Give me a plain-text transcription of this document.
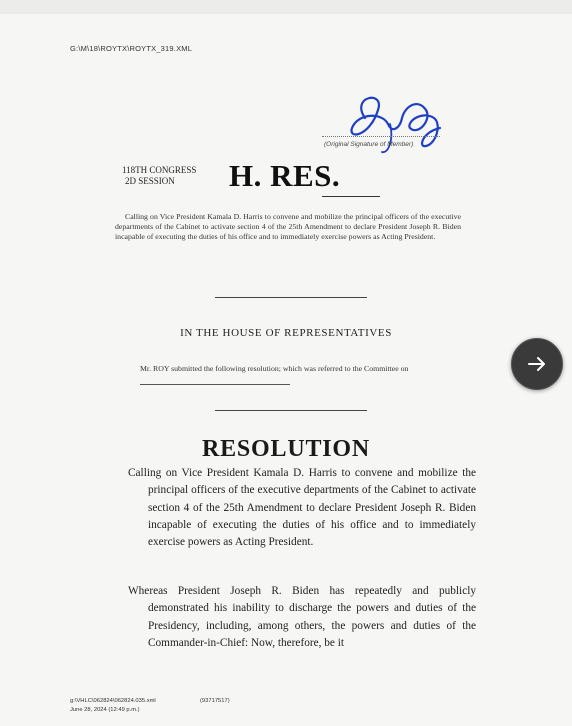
G:\M\18\ROYTX\ROYTX_319.XML
(Original Signature of Member)
118TH CONGRESS
2D SESSION	H. RES.
Calling on Vice President Kamala D. Harris to convene and mobilize the principal officers of the executive departments of the Cabinet to activate section 4 of the 25th Amendment to declare President Joseph R. Biden incapable of executing the duties of his office and to immediately exercise powers as Acting President.
IN THE HOUSE OF REPRESENTATIVES
Mr. ROY submitted the following resolution; which was referred to the Committee on
RESOLUTION
Calling on Vice President Kamala D. Harris to convene and mobilize the principal officers of the executive departments of the Cabinet to activate section 4 of the 25th Amendment to declare President Joseph R. Biden incapable of executing the duties of his office and to immediately exercise powers as Acting President.
Whereas President Joseph R. Biden has repeatedly and publicly demonstrated his inability to discharge the powers and duties of the Presidency, including, among others, the powers and duties of the Commander-in-Chief: Now, therefore, be it
g:\VHLC\062824\062824.035.xml
June 28, 2024 (12:49 p.m.)
(93717517)
